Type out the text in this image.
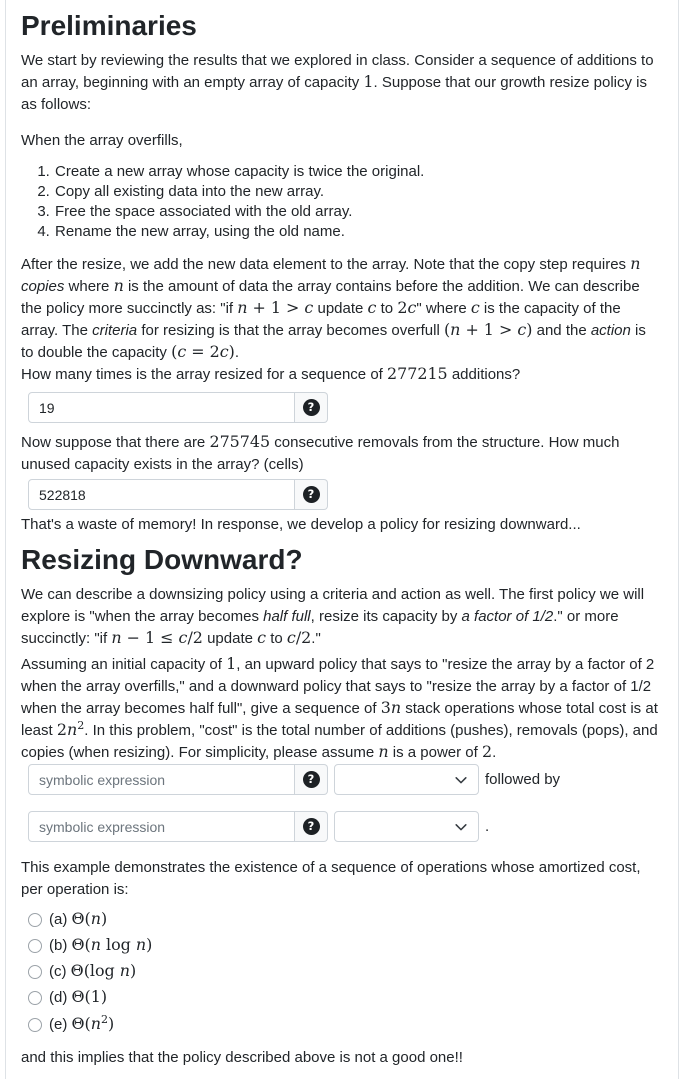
Preliminaries

We start by reviewing the results that we explored in class. Consider a sequence of additions to an array, beginning with an empty array of capacity 1. Suppose that our growth resize policy is as follows:

When the array overfills,

1. Create a new array whose capacity is twice the original.
2. Copy all existing data into the new array.
3. Free the space associated with the old array.
4. Rename the new array, using the old name.

After the resize, we add the new data element to the array. Note that the copy step requires n copies where n is the amount of data the array contains before the addition. We can describe the policy more succinctly as: "if n + 1 > c update c to 2c" where c is the capacity of the array. The criteria for resizing is that the array becomes overfull (n + 1 > c) and the action is to double the capacity (c = 2c).

How many times is the array resized for a sequence of 277215 additions?

19
?

Now suppose that there are 275745 consecutive removals from the structure. How much unused capacity exists in the array? (cells)

522818
?

That's a waste of memory! In response, we develop a policy for resizing downward...

Resizing Downward?

We can describe a downsizing policy using a criteria and action as well. The first policy we will explore is "when the array becomes half full, resize its capacity by a factor of 1/2." or more succinctly: "if n − 1 ≤ c/2 update c to c/2."

Assuming an initial capacity of 1, an upward policy that says to "resize the array by a factor of 2 when the array overfills," and a downward policy that says to "resize the array by a factor of 1/2 when the array becomes half full", give a sequence of 3n stack operations whose total cost is at least $2n^2$. In this problem, "cost" is the total number of additions (pushes), removals (pops), and copies (when resizing). For simplicity, please assume n is a power of 2.

symbolic expression
?	followed by
symbolic expression
?	.

This example demonstrates the existence of a sequence of operations whose amortized cost, per operation is:

(a) Θ(n)
(b) Θ(n log n)
(c) Θ(log n)
(d) Θ(1)
(e) $\Theta(n^2)$

and this implies that the policy described above is not a good one!!
